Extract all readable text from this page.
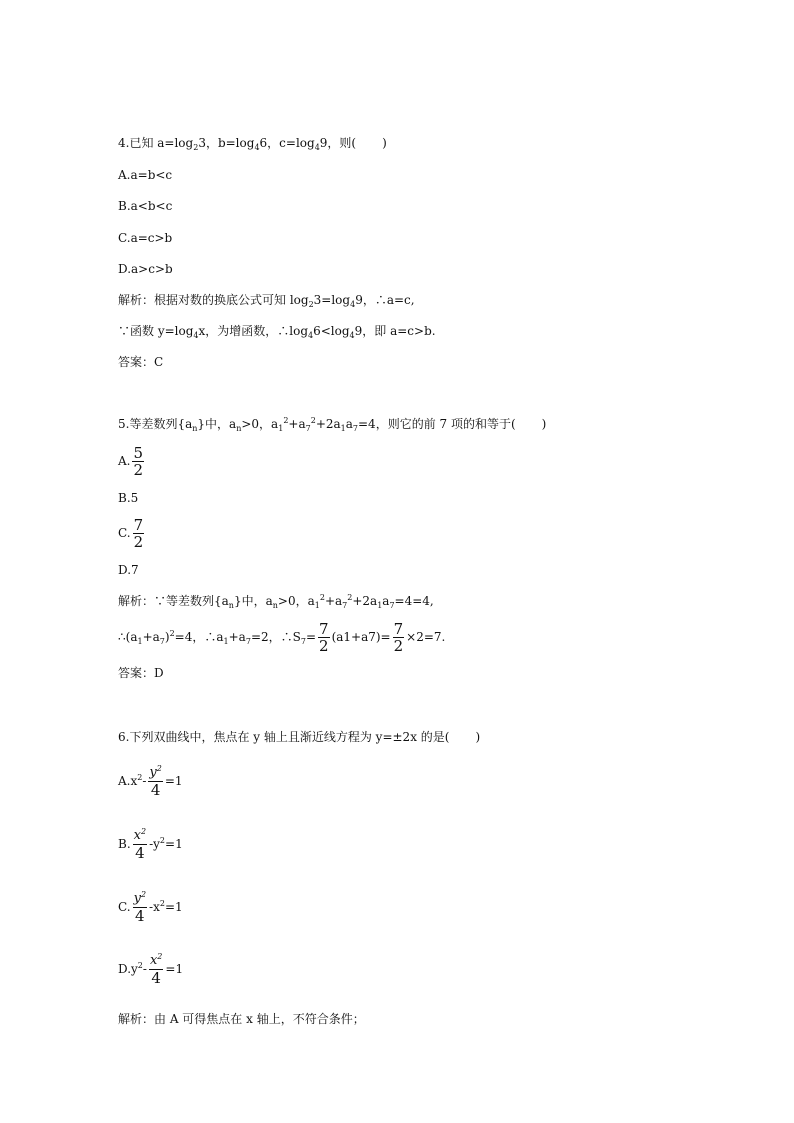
4.已知 $a=\log_23$，$b=\log_46$，$c=\log_49$，则( )
A.a=b<c
B.a<b<c
C.a=c>b
D.a>c>b
解析：根据对数的换底公式可知 $\log_23=\log_49$，∴a=c,
∵函数 $y=\log_4x$，为增函数，$\therefore\log_46<\log_49$，即 a=c>b.
答案：C
5.等差数列$\{a_n\}$中，$a_n>0$，$a_1^2+a_7^2+2a_1a_7=4$，则它的前 7 项的和等于( )
A. $\frac{5}{2}$
B.5
C. $\frac{7}{2}$
D.7
解析：∵等差数列$\{a_n\}$中，$a_n>0$，$a_1^2+a_7^2+2a_1a_7=4=4$,
$\therefore(a_1+a_7)^2=4$，$\therefore a_1+a_7=2$，$\therefore S_7= \frac{7}{2} (a1+a7)= \frac{7}{2} \times 2=7$.
答案：D
6.下列双曲线中，焦点在 y 轴上且渐近线方程为 y=±2x 的是( )
$A.x^2- \frac{y^2}{4} =1$
B. $\frac{x^2}{4} -y^2=1$
C. $\frac{y^2}{4} -x^2=1$
$D.y^2- \frac{x^2}{4} =1$
解析：由 A 可得焦点在 x 轴上，不符合条件；
